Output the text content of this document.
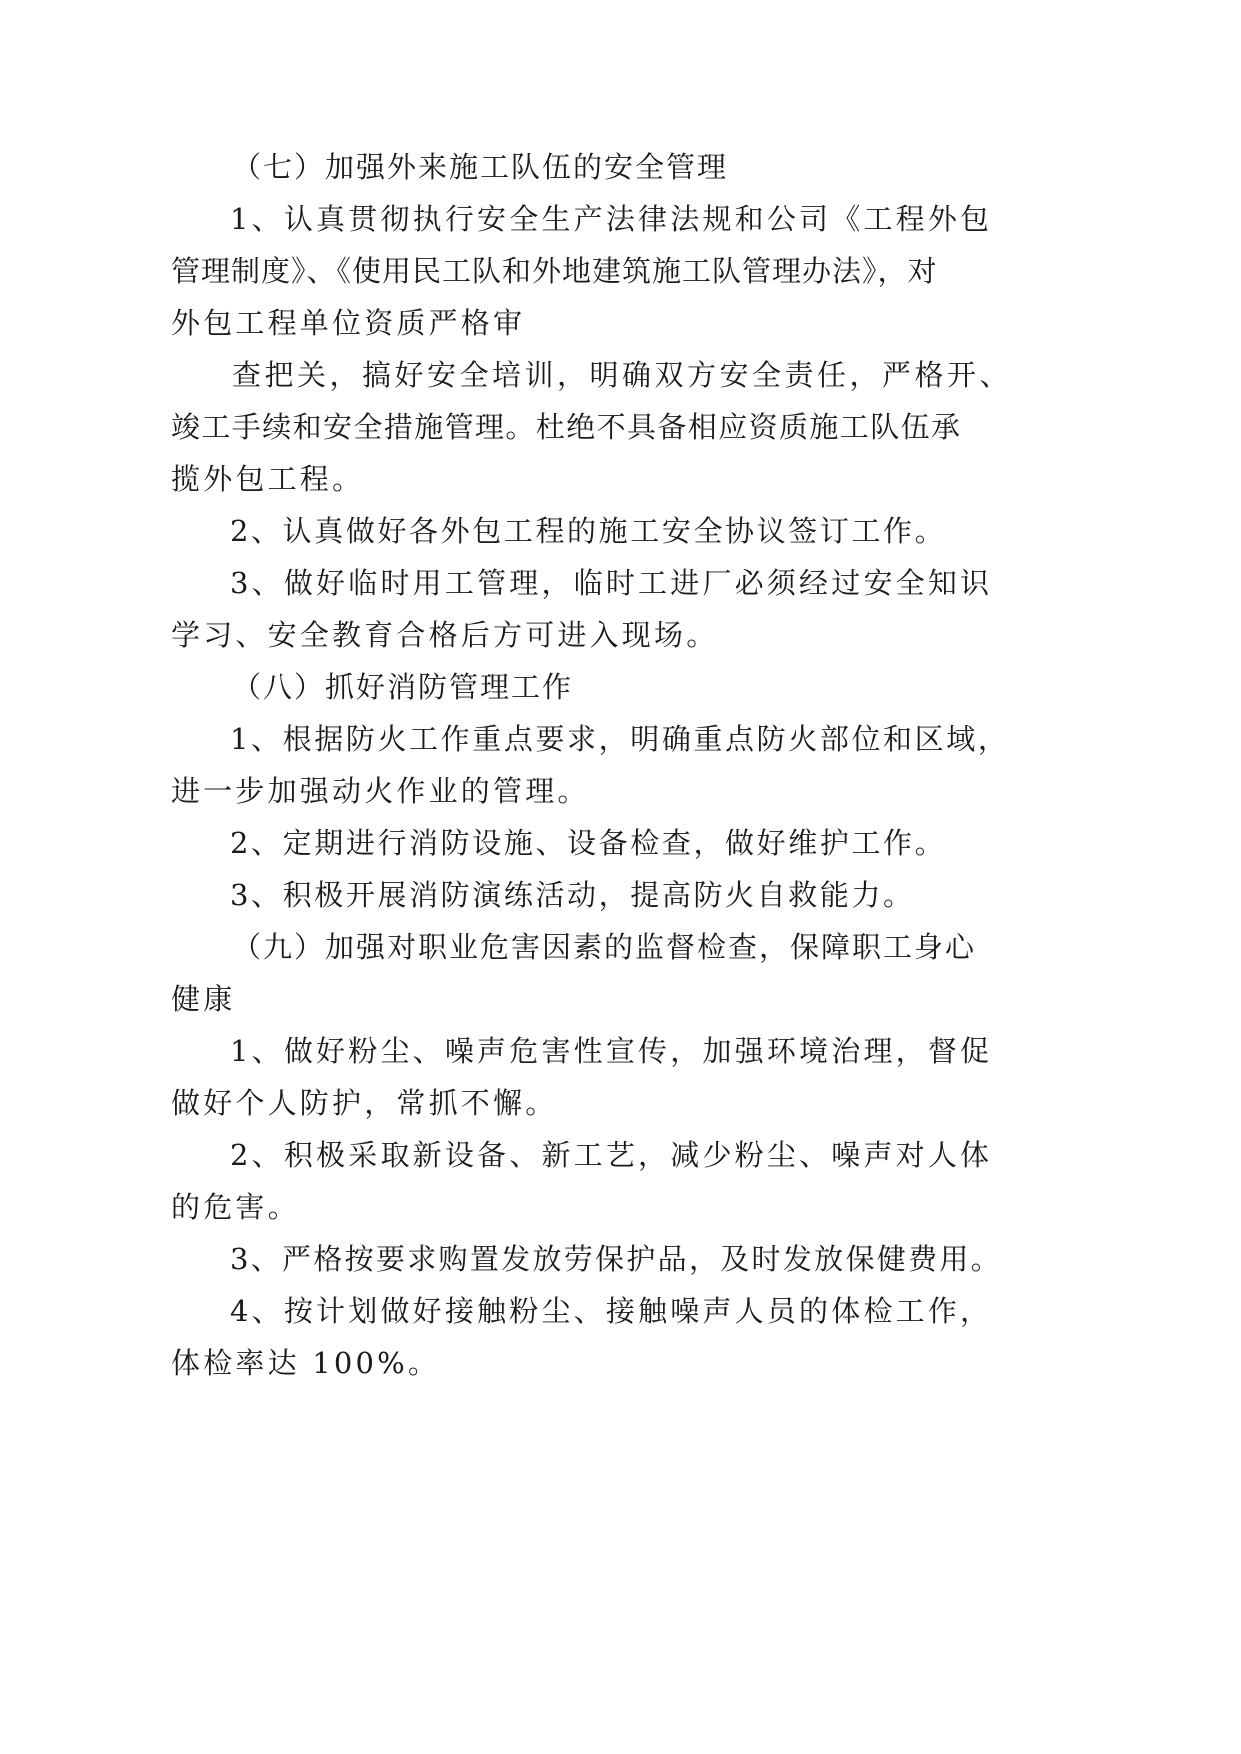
（七）加强外来施工队伍的安全管理
1、认真贯彻执行安全生产法律法规和公司《工程外包
管理制度》、《使用民工队和外地建筑施工队管理办法》，对
外包工程单位资质严格审
查把关，搞好安全培训，明确双方安全责任，严格开、
竣工手续和安全措施管理。杜绝不具备相应资质施工队伍承
揽外包工程。
2、认真做好各外包工程的施工安全协议签订工作。
3、做好临时用工管理，临时工进厂必须经过安全知识
学习、安全教育合格后方可进入现场。
（八）抓好消防管理工作
1、根据防火工作重点要求，明确重点防火部位和区域，
进一步加强动火作业的管理。
2、定期进行消防设施、设备检查，做好维护工作。
3、积极开展消防演练活动，提高防火自救能力。
（九）加强对职业危害因素的监督检查，保障职工身心
健康
1、做好粉尘、噪声危害性宣传，加强环境治理，督促
做好个人防护，常抓不懈。
2、积极采取新设备、新工艺，减少粉尘、噪声对人体
的危害。
3、严格按要求购置发放劳保护品，及时发放保健费用。
4、按计划做好接触粉尘、接触噪声人员的体检工作，
体检率达 100%。
